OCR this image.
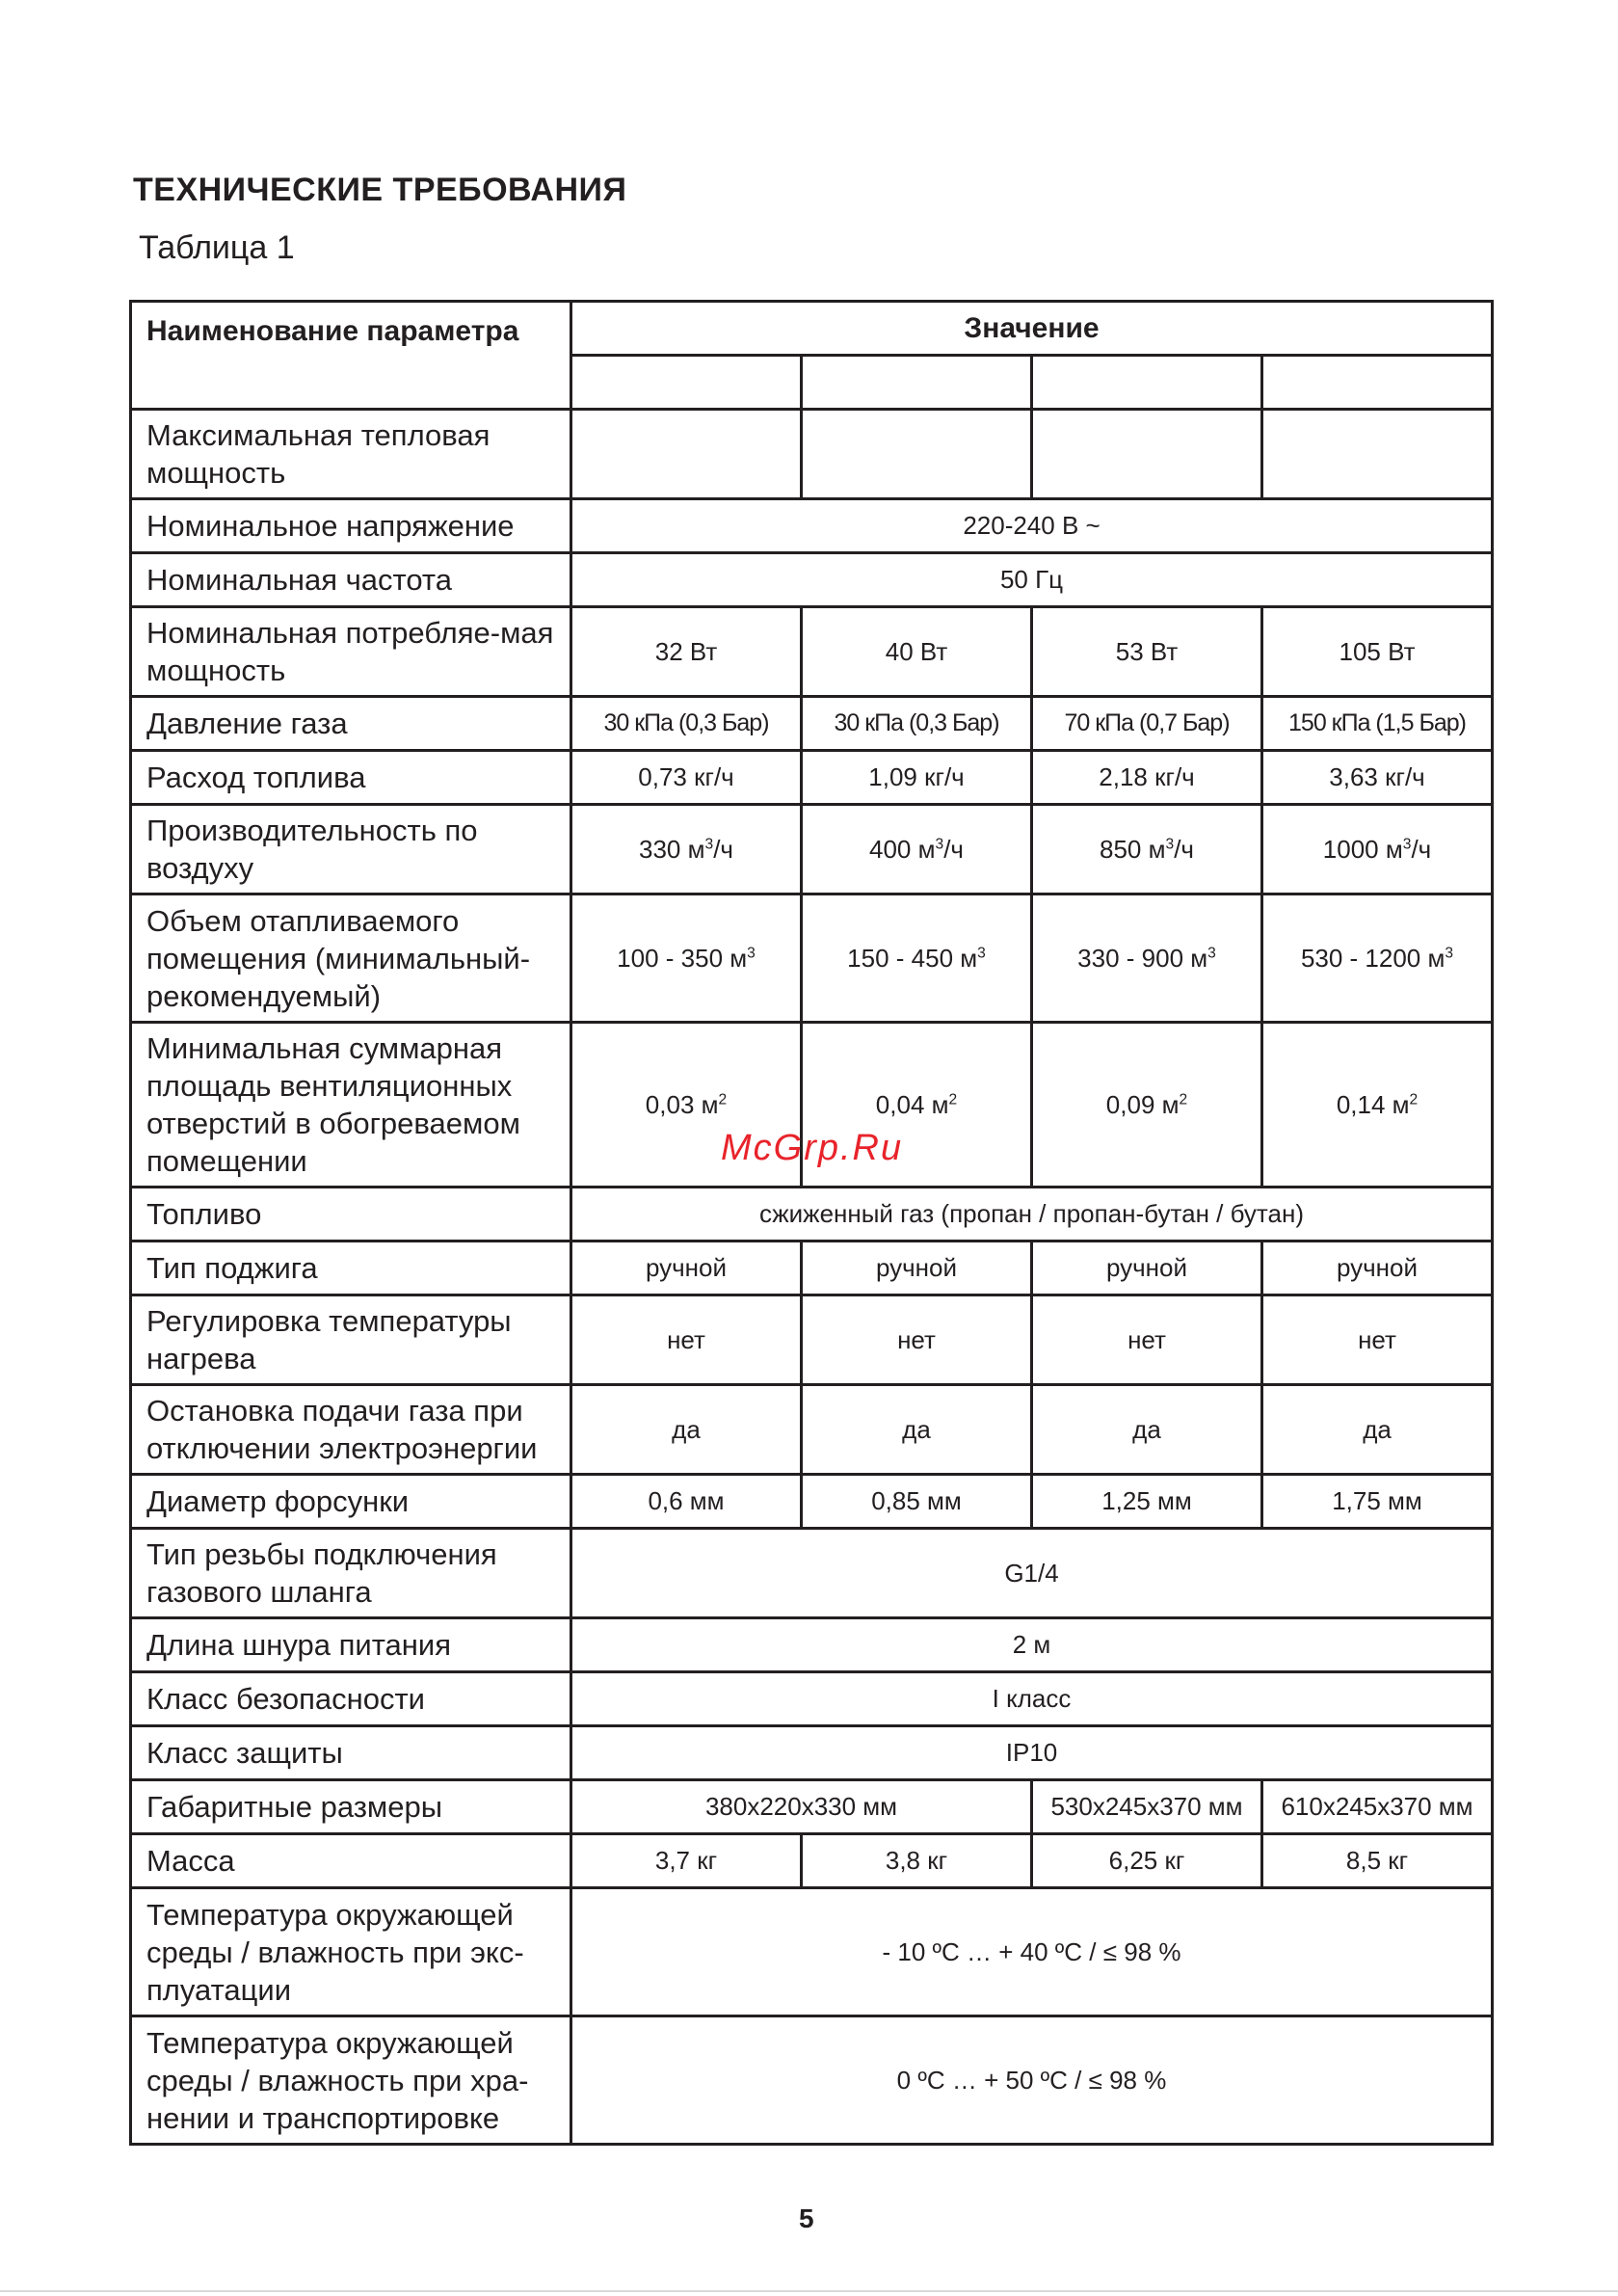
ТЕХНИЧЕСКИЕ ТРЕБОВАНИЯ
Таблица 1
Наименование параметра	Значение			

Максимальная тепловая мощность				
Номинальное напряжение	220-240 В ~			
Номинальная частота	50 Гц			
Номинальная потребляе-мая мощность	32 Вт	40 Вт	53 Вт	105 Вт
Давление газа	30 кПа (0,3 Бар)	30 кПа (0,3 Бар)	70 кПа (0,7 Бар)	150 кПа (1,5 Бар)
Расход топлива	0,73 кг/ч	1,09 кг/ч	2,18 кг/ч	3,63 кг/ч
Производительность по воздуху	330 $м^3/ч$	400 $м^3/ч$	850 $м^3/ч$	1000 $м^3/ч$
Объем отапливаемого помещения (минимальный-рекомендуемый)	100 - 350 $м^3$	150 - 450 $м^3$	330 - 900 $м^3$	530 - 1200 $м^3$
Минимальная суммарная площадь вентиляционных отверстий в обогреваемом помещении	0,03 $м^2$	0,04 $м^2$	0,09 $м^2$	0,14 $м^2$
Топливо	сжиженный газ (пропан / пропан-бутан / бутан)			
Тип поджига	ручной	ручной	ручной	ручной
Регулировка температуры нагрева	нет	нет	нет	нет
Остановка подачи газа при отключении электроэнергии	да	да	да	да
Диаметр форсунки	0,6 мм	0,85 мм	1,25 мм	1,75 мм
Тип резьбы подключения газового шланга	G1/4			
Длина шнура питания	2 м			
Класс безопасности	I класс			
Класс защиты	IP10			
Габаритные размеры	380х220х330 мм		530х245х370 мм	610х245х370 мм
Масса	3,7 кг	3,8 кг	6,25 кг	8,5 кг
Температура окружающей среды / влажность при экс-плуатации	- 10 ºC … + 40 ºC / ≤ 98 %			
Температура окружающей среды / влажность при хра-нении и транспортировке	0 ºC … + 50 ºC / ≤ 98 %			
McGrp.Ru
5
